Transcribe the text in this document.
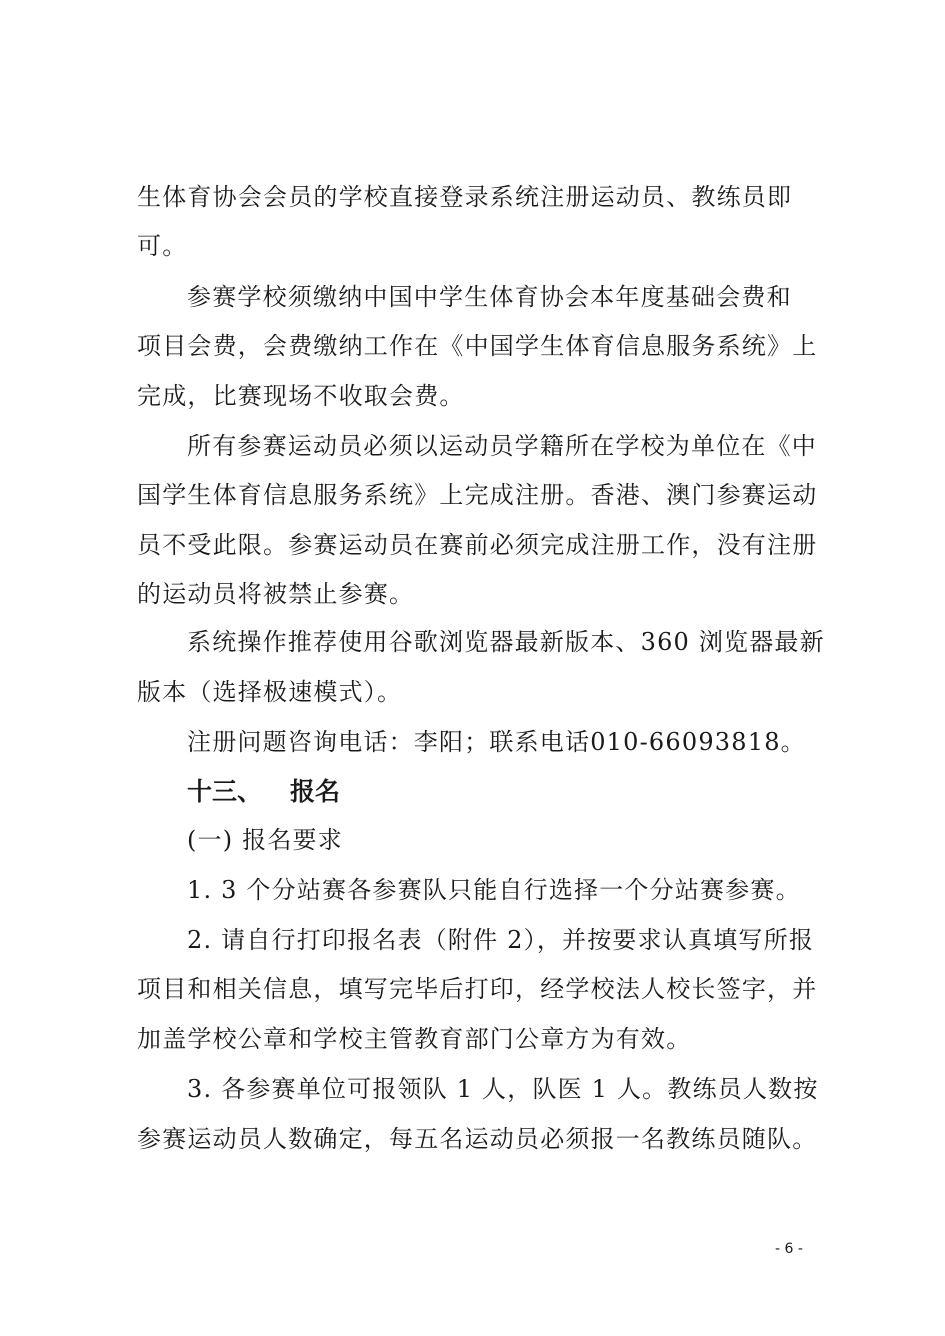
生体育协会会员的学校直接登录系统注册运动员、教练员即
可。
参赛学校须缴纳中国中学生体育协会本年度基础会费和
项目会费，会费缴纳工作在《中国学生体育信息服务系统》上
完成，比赛现场不收取会费。
所有参赛运动员必须以运动员学籍所在学校为单位在《中
国学生体育信息服务系统》上完成注册。香港、澳门参赛运动
员不受此限。参赛运动员在赛前必须完成注册工作，没有注册
的运动员将被禁止参赛。
系统操作推荐使用谷歌浏览器最新版本、360 浏览器最新
版本（选择极速模式）。
注册问题咨询电话：李阳；联系电话010-66093818。
十三、 报名
(一) 报名要求
1. 3 个分站赛各参赛队只能自行选择一个分站赛参赛。
2. 请自行打印报名表（附件 2），并按要求认真填写所报
项目和相关信息，填写完毕后打印，经学校法人校长签字，并
加盖学校公章和学校主管教育部门公章方为有效。
3. 各参赛单位可报领队 1 人，队医 1 人。教练员人数按
参赛运动员人数确定，每五名运动员必须报一名教练员随队。
- 6 -
